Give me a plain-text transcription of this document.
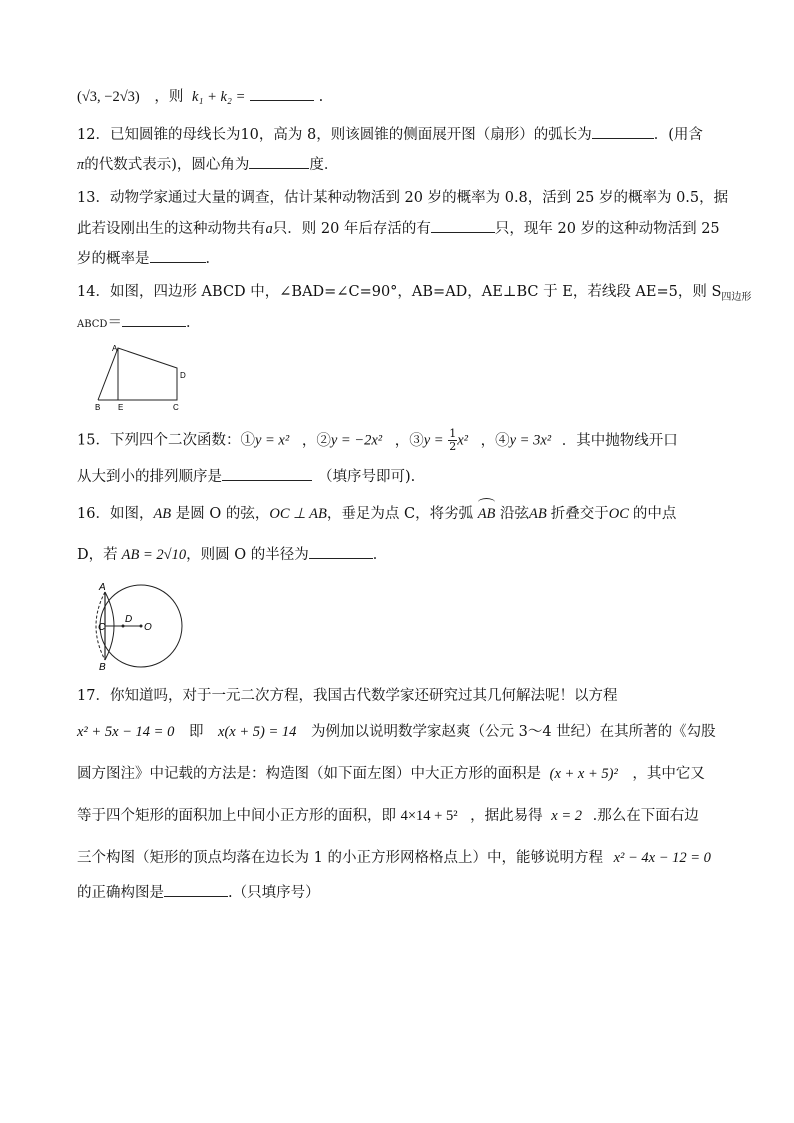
(√3, −2√3) ，则 k₁ + k₂ =	.
12．已知圆锥的母线长为10，高为 8，则该圆锥的侧面展开图（扇形）的弧长为	．(用含
π的代数式表示)，圆心角为	度．
13．动物学家通过大量的调查，估计某种动物活到 20 岁的概率为 0.8，活到 25 岁的概率为 0.5，据
此若设刚出生的这种动物共有a只．则 20 年后存活的有	只，现年 20 岁的这种动物活到 25
岁的概率是	．
14．如图，四边形 ABCD 中，∠BAD=∠C=90°，AB=AD，AE⊥BC 于 E，若线段 AE=5，则 $S_{四边形}$
ABCD＝	．
A
B E	C
D
15．下列四个二次函数：①y = x² ，②y = −2x² ，③y = $\frac{1}{2} x^2$ ，④y = 3x² ．其中抛物线开口
从大到小的排列顺序是	（填序号即可).
16．如图，AB 是圆 O 的弦，OC ⊥ AB，垂足为点 C，将劣弧 AB 沿弦AB 折叠交于OC 的中点
D，若 AB = 2√10，则圆 O 的半径为	．
A
B
C
D
O
17．你知道吗，对于一元二次方程，我国古代数学家还研究过其几何解法呢！以方程
x² + 5x − 14 = 0 即 x(x + 5) = 14 为例加以说明数学家赵爽（公元 3～4 世纪）在其所著的《勾股
圆方图注》中记载的方法是：构造图（如下面左图）中大正方形的面积是 (x + x + 5)² ，其中它又
等于四个矩形的面积加上中间小正方形的面积，即 4×14 + 5² ，据此易得 x = 2 .那么在下面右边
三个构图（矩形的顶点均落在边长为 1 的小正方形网格格点上）中，能够说明方程 x² − 4x − 12 = 0
的正确构图是	.（只填序号）
